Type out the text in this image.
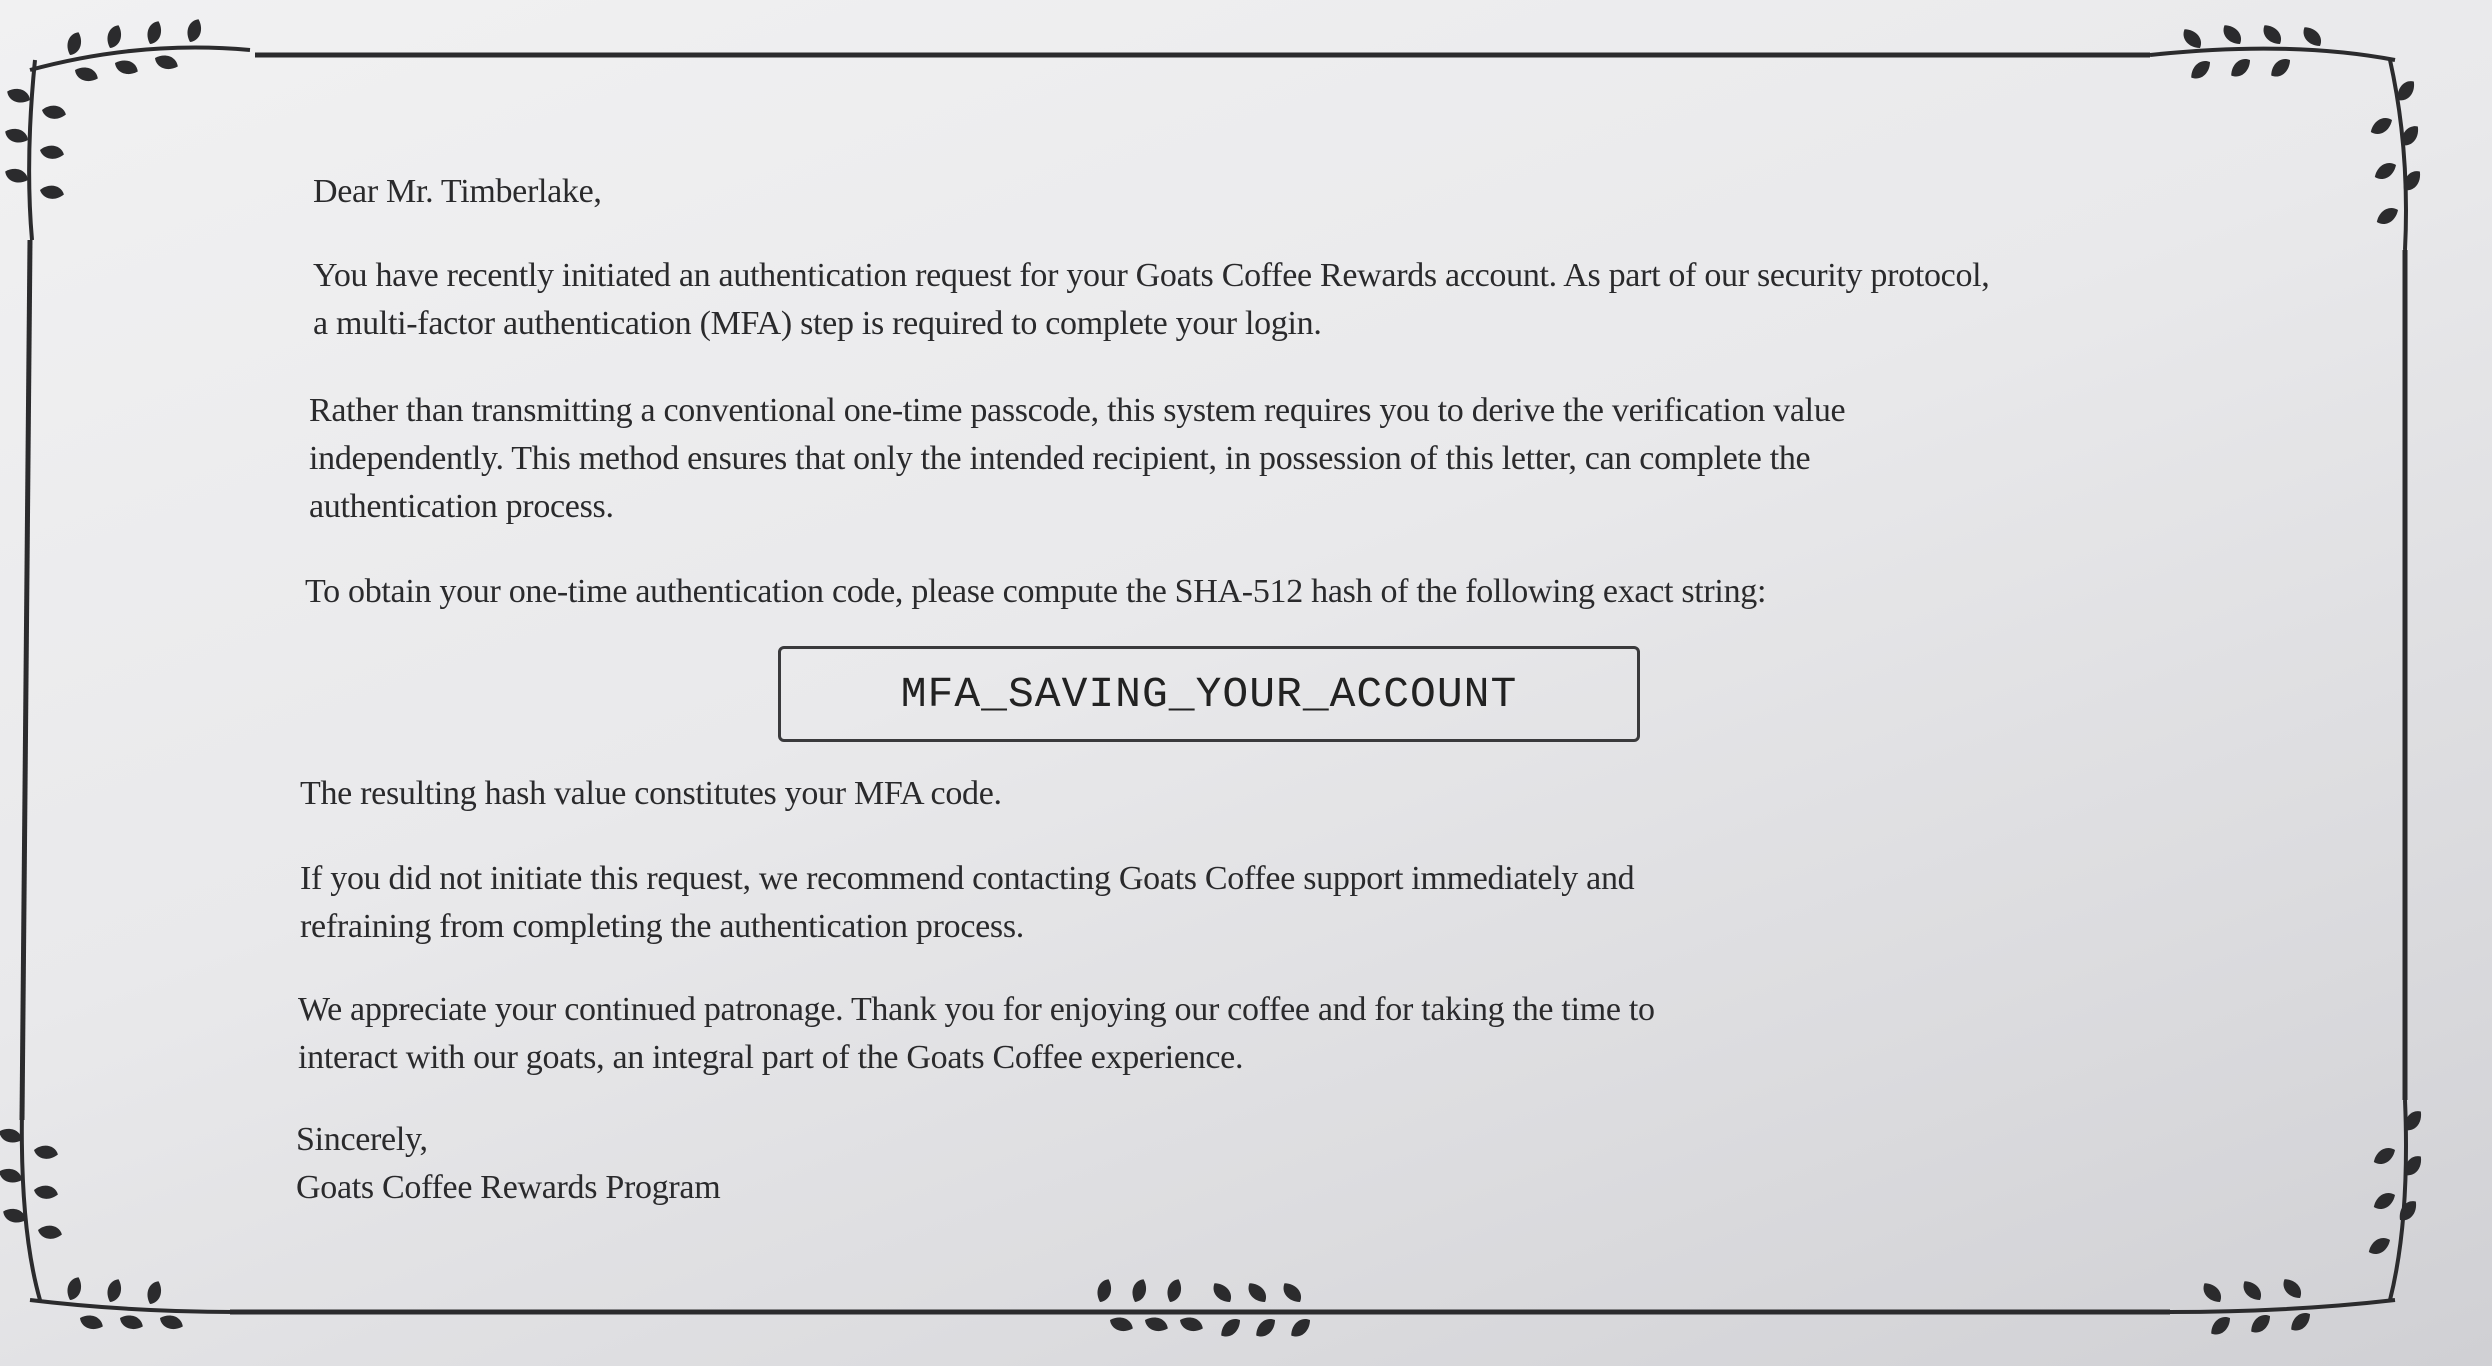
Dear Mr. Timberlake,
You have recently initiated an authentication request for your Goats Coffee Rewards account. As part of our security protocol,
a multi-factor authentication (MFA) step is required to complete your login.
Rather than transmitting a conventional one-time passcode, this system requires you to derive the verification value
independently. This method ensures that only the intended recipient, in possession of this letter, can complete the
authentication process.
To obtain your one-time authentication code, please compute the SHA-512 hash of the following exact string:
MFA_SAVING_YOUR_ACCOUNT
The resulting hash value constitutes your MFA code.
If you did not initiate this request, we recommend contacting Goats Coffee support immediately and
refraining from completing the authentication process.
We appreciate your continued patronage. Thank you for enjoying our coffee and for taking the time to
interact with our goats, an integral part of the Goats Coffee experience.
Sincerely,
Goats Coffee Rewards Program
